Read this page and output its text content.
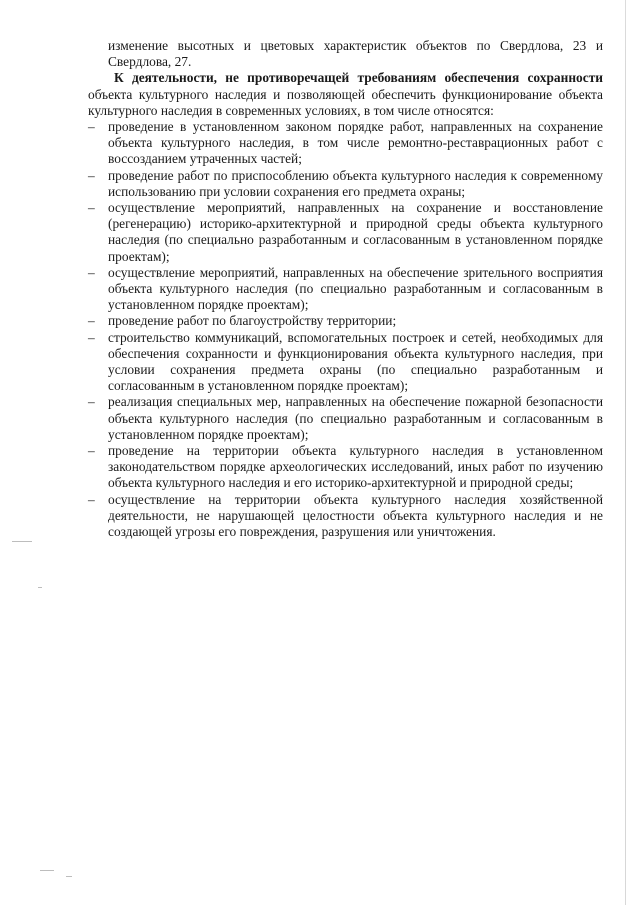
изменение высотных и цветовых характеристик объектов по Свердлова, 23 и Свердлова, 27.

К деятельности, не противоречащей требованиям обеспечения сохранности объекта культурного наследия и позволяющей обеспечить функционирование объекта культурного наследия в современных условиях, в том числе относятся:

– проведение в установленном законом порядке работ, направленных на сохранение объекта культурного наследия, в том числе ремонтно-реставрационных работ с воссозданием утраченных частей;
– проведение работ по приспособлению объекта культурного наследия к современному использованию при условии сохранения его предмета охраны;
– осуществление мероприятий, направленных на сохранение и восстановление (регенерацию) историко-архитектурной и природной среды объекта культурного наследия (по специально разработанным и согласованным в установленном порядке проектам);
– осуществление мероприятий, направленных на обеспечение зрительного восприятия объекта культурного наследия (по специально разработанным и согласованным в установленном порядке проектам);
– проведение работ по благоустройству территории;
– строительство коммуникаций, вспомогательных построек и сетей, необходимых для обеспечения сохранности и функционирования объекта культурного наследия, при условии сохранения предмета охраны (по специально разработанным и согласованным в установленном порядке проектам);
– реализация специальных мер, направленных на обеспечение пожарной безопасности объекта культурного наследия (по специально разработанным и согласованным в установленном порядке проектам);
– проведение на территории объекта культурного наследия в установленном законодательством порядке археологических исследований, иных работ по изучению объекта культурного наследия и его историко-архитектурной и природной среды;
– осуществление на территории объекта культурного наследия хозяйственной деятельности, не нарушающей целостности объекта культурного наследия и не создающей угрозы его повреждения, разрушения или уничтожения.
